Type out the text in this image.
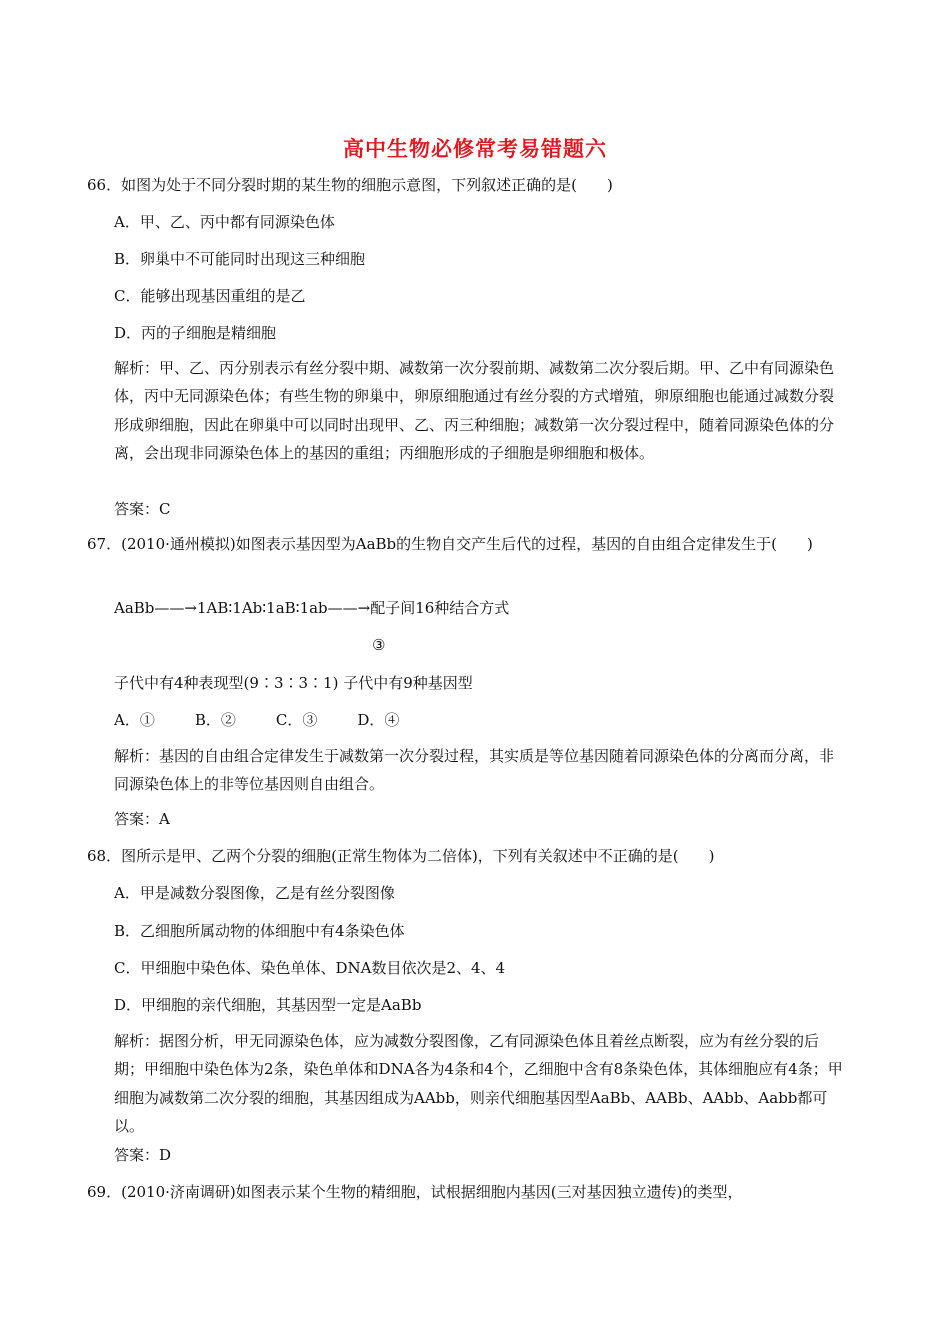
高中生物必修常考易错题六
66．如图为处于不同分裂时期的某生物的细胞示意图，下列叙述正确的是(　　)
A．甲、乙、丙中都有同源染色体
B．卵巢中不可能同时出现这三种细胞
C．能够出现基因重组的是乙
D．丙的子细胞是精细胞
解析：甲、乙、丙分别表示有丝分裂中期、减数第一次分裂前期、减数第二次分裂后期。甲、乙中有同源染色体，丙中无同源染色体；有些生物的卵巢中，卵原细胞通过有丝分裂的方式增殖，卵原细胞也能通过减数分裂形成卵细胞，因此在卵巢中可以同时出现甲、乙、丙三种细胞；减数第一次分裂过程中，随着同源染色体的分离，会出现非同源染色体上的基因的重组；丙细胞形成的子细胞是卵细胞和极体。
答案：C
67．(2010·通州模拟)如图表示基因型为AaBb的生物自交产生后代的过程，基因的自由组合定律发生于(　　)
AaBb——→1AB∶1Ab∶1aB∶1ab——→配子间16种结合方式
③
子代中有4种表现型(9∶3∶3∶1) 子代中有9种基因型
A．①	B．②	C．③	D．④
解析：基因的自由组合定律发生于减数第一次分裂过程，其实质是等位基因随着同源染色体的分离而分离，非同源染色体上的非等位基因则自由组合。
答案：A
68．图所示是甲、乙两个分裂的细胞(正常生物体为二倍体)，下列有关叙述中不正确的是(　　)
A．甲是减数分裂图像，乙是有丝分裂图像
B．乙细胞所属动物的体细胞中有4条染色体
C．甲细胞中染色体、染色单体、DNA数目依次是2、4、4
D．甲细胞的亲代细胞，其基因型一定是AaBb
解析：据图分析，甲无同源染色体，应为减数分裂图像，乙有同源染色体且着丝点断裂，应为有丝分裂的后期；甲细胞中染色体为2条，染色单体和DNA各为4条和4个，乙细胞中含有8条染色体，其体细胞应有4条；甲细胞为减数第二次分裂的细胞，其基因组成为AAbb，则亲代细胞基因型AaBb、AABb、AAbb、Aabb都可以。
答案：D
69．(2010·济南调研)如图表示某个生物的精细胞，试根据细胞内基因(三对基因独立遗传)的类型，
